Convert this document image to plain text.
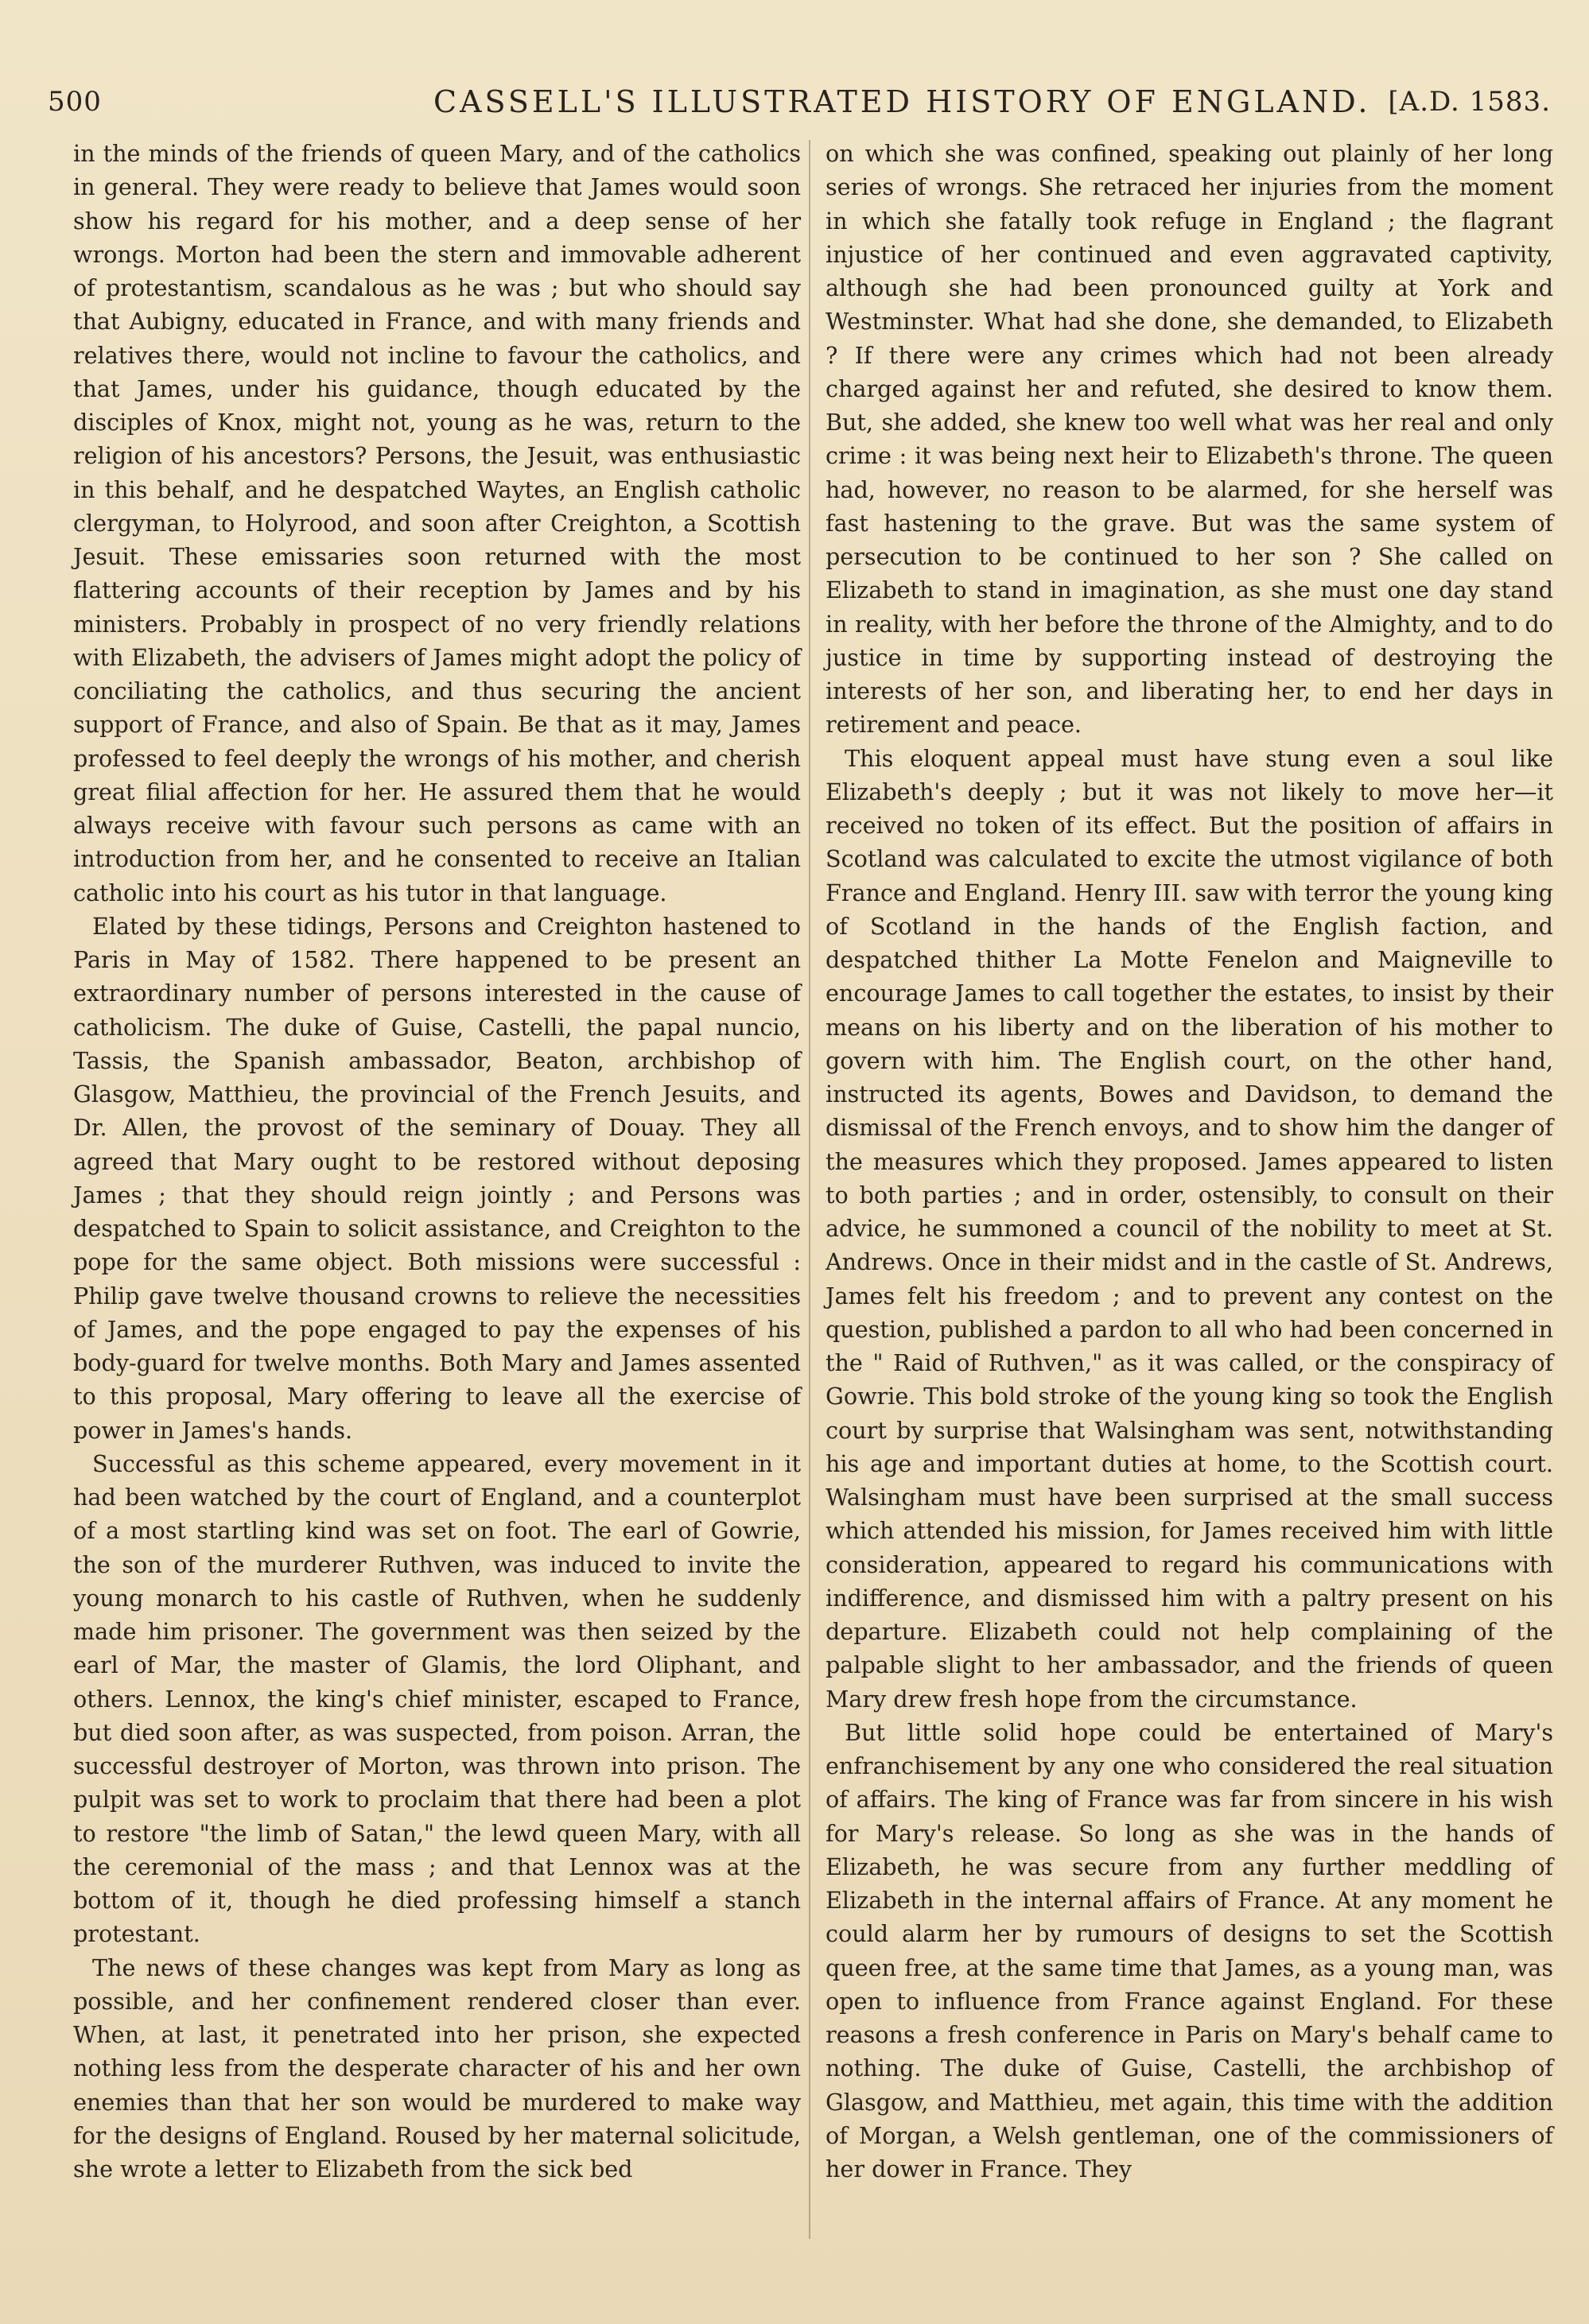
500	CASSELL'S ILLUSTRATED HISTORY OF ENGLAND. [A.D. 1583.

in the minds of the friends of queen Mary, and of the catholics in general. They were ready to believe that James would soon show his regard for his mother, and a deep sense of her wrongs. Morton had been the stern and immovable adherent of protestantism, scandalous as he was ; but who should say that Aubigny, educated in France, and with many friends and relatives there, would not incline to favour the catholics, and that James, under his guidance, though educated by the disciples of Knox, might not, young as he was, return to the religion of his ancestors? Persons, the Jesuit, was enthusiastic in this behalf, and he despatched Waytes, an English catholic clergyman, to Holyrood, and soon after Creighton, a Scottish Jesuit. These emissaries soon returned with the most flattering accounts of their reception by James and by his ministers. Probably in prospect of no very friendly relations with Elizabeth, the advisers of James might adopt the policy of conciliating the catholics, and thus securing the ancient support of France, and also of Spain. Be that as it may, James professed to feel deeply the wrongs of his mother, and cherish great filial affection for her. He assured them that he would always receive with favour such persons as came with an introduction from her, and he consented to receive an Italian catholic into his court as his tutor in that language.

Elated by these tidings, Persons and Creighton hastened to Paris in May of 1582. There happened to be present an extraordinary number of persons interested in the cause of catholicism. The duke of Guise, Castelli, the papal nuncio, Tassis, the Spanish ambassador, Beaton, archbishop of Glasgow, Matthieu, the provincial of the French Jesuits, and Dr. Allen, the provost of the seminary of Douay. They all agreed that Mary ought to be restored without deposing James ; that they should reign jointly ; and Persons was despatched to Spain to solicit assistance, and Creighton to the pope for the same object. Both missions were successful : Philip gave twelve thousand crowns to relieve the necessities of James, and the pope engaged to pay the expenses of his body-guard for twelve months. Both Mary and James assented to this proposal, Mary offering to leave all the exercise of power in James's hands.

Successful as this scheme appeared, every movement in it had been watched by the court of England, and a counterplot of a most startling kind was set on foot. The earl of Gowrie, the son of the murderer Ruthven, was induced to invite the young monarch to his castle of Ruthven, when he suddenly made him prisoner. The government was then seized by the earl of Mar, the master of Glamis, the lord Oliphant, and others. Lennox, the king's chief minister, escaped to France, but died soon after, as was suspected, from poison. Arran, the successful destroyer of Morton, was thrown into prison. The pulpit was set to work to proclaim that there had been a plot to restore "the limb of Satan," the lewd queen Mary, with all the ceremonial of the mass ; and that Lennox was at the bottom of it, though he died professing himself a stanch protestant.

The news of these changes was kept from Mary as long as possible, and her confinement rendered closer than ever. When, at last, it penetrated into her prison, she expected nothing less from the desperate character of his and her own enemies than that her son would be murdered to make way for the designs of England. Roused by her maternal solicitude, she wrote a letter to Elizabeth from the sick bed

on which she was confined, speaking out plainly of her long series of wrongs. She retraced her injuries from the moment in which she fatally took refuge in England ; the flagrant injustice of her continued and even aggravated captivity, although she had been pronounced guilty at York and Westminster. What had she done, she demanded, to Elizabeth ? If there were any crimes which had not been already charged against her and refuted, she desired to know them. But, she added, she knew too well what was her real and only crime : it was being next heir to Elizabeth's throne. The queen had, however, no reason to be alarmed, for she herself was fast hastening to the grave. But was the same system of persecution to be continued to her son ? She called on Elizabeth to stand in imagination, as she must one day stand in reality, with her before the throne of the Almighty, and to do justice in time by supporting instead of destroying the interests of her son, and liberating her, to end her days in retirement and peace.

This eloquent appeal must have stung even a soul like Elizabeth's deeply ; but it was not likely to move her—it received no token of its effect. But the position of affairs in Scotland was calculated to excite the utmost vigilance of both France and England. Henry III. saw with terror the young king of Scotland in the hands of the English faction, and despatched thither La Motte Fenelon and Maigneville to encourage James to call together the estates, to insist by their means on his liberty and on the liberation of his mother to govern with him. The English court, on the other hand, instructed its agents, Bowes and Davidson, to demand the dismissal of the French envoys, and to show him the danger of the measures which they proposed. James appeared to listen to both parties ; and in order, ostensibly, to consult on their advice, he summoned a council of the nobility to meet at St. Andrews. Once in their midst and in the castle of St. Andrews, James felt his freedom ; and to prevent any contest on the question, published a pardon to all who had been concerned in the " Raid of Ruthven," as it was called, or the conspiracy of Gowrie. This bold stroke of the young king so took the English court by surprise that Walsingham was sent, notwithstanding his age and important duties at home, to the Scottish court. Walsingham must have been surprised at the small success which attended his mission, for James received him with little consideration, appeared to regard his communications with indifference, and dismissed him with a paltry present on his departure. Elizabeth could not help complaining of the palpable slight to her ambassador, and the friends of queen Mary drew fresh hope from the circumstance.

But little solid hope could be entertained of Mary's enfranchisement by any one who considered the real situation of affairs. The king of France was far from sincere in his wish for Mary's release. So long as she was in the hands of Elizabeth, he was secure from any further meddling of Elizabeth in the internal affairs of France. At any moment he could alarm her by rumours of designs to set the Scottish queen free, at the same time that James, as a young man, was open to influence from France against England. For these reasons a fresh conference in Paris on Mary's behalf came to nothing. The duke of Guise, Castelli, the archbishop of Glasgow, and Matthieu, met again, this time with the addition of Morgan, a Welsh gentleman, one of the commissioners of her dower in France. They
